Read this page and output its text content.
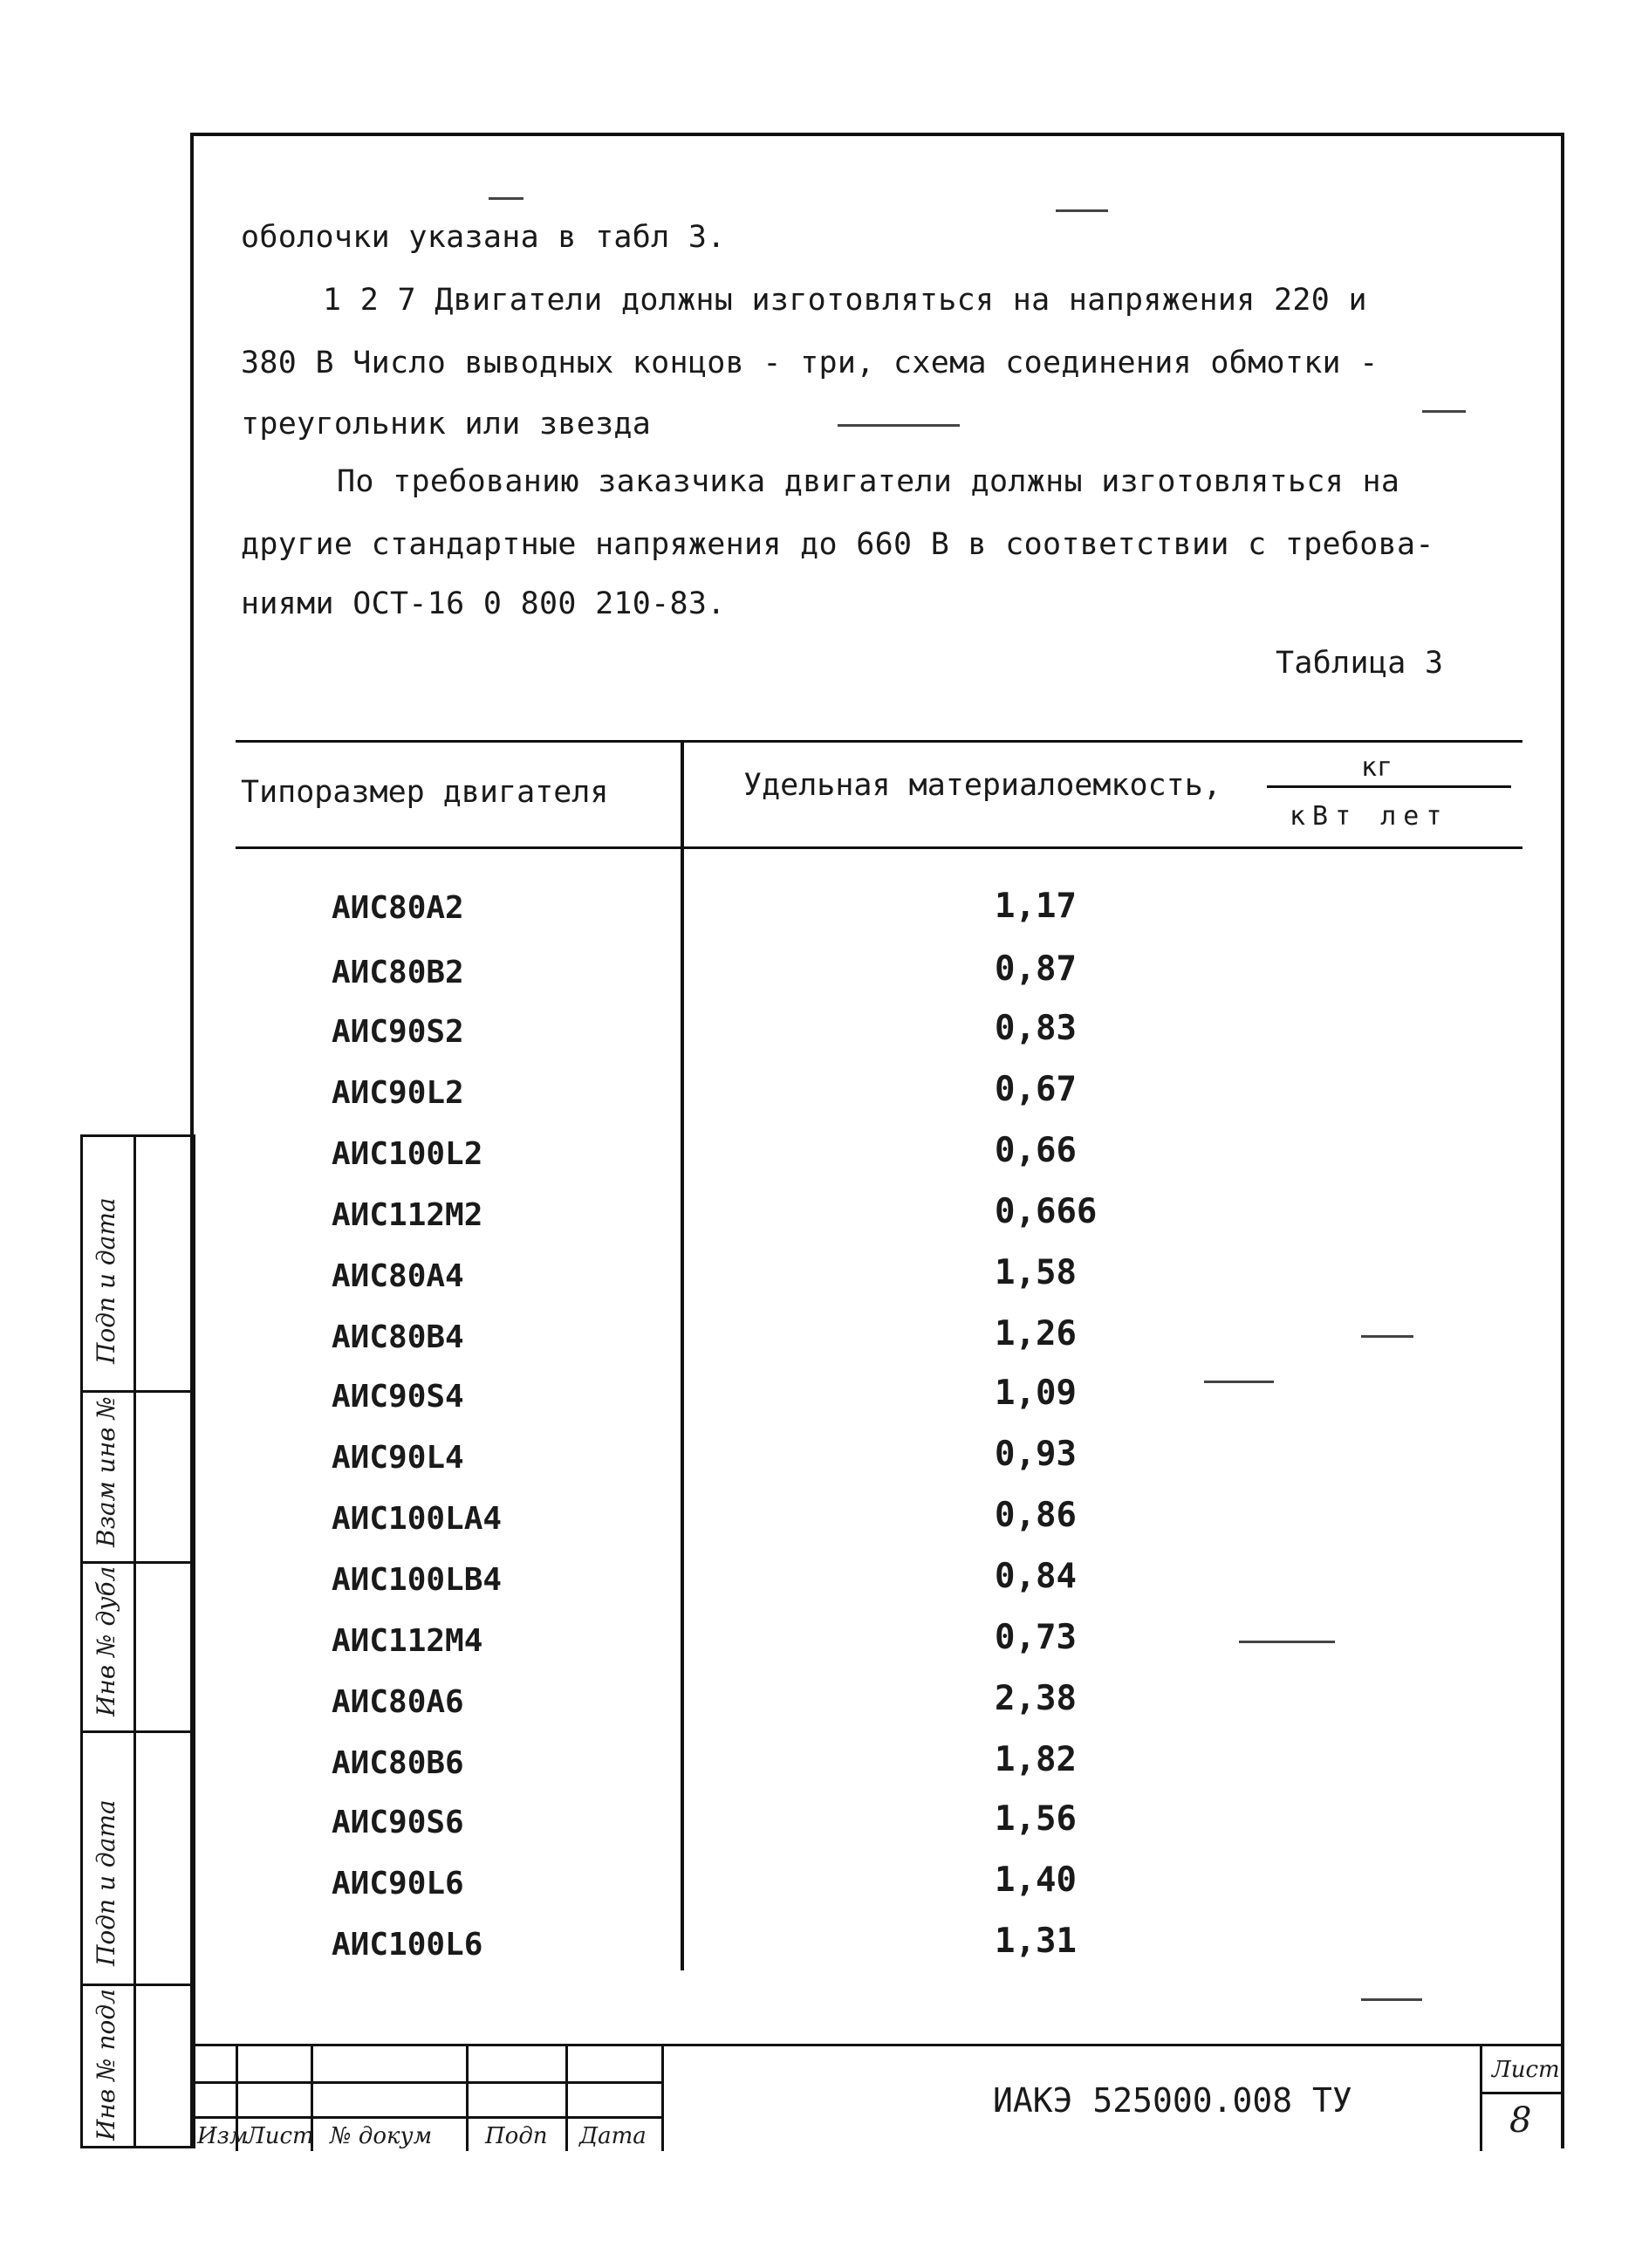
оболочки указана в табл 3.
1 2 7 Двигатели должны изготовляться на напряжения 220 и
380 В Число выводных концов - три, схема соединения обмотки -
треугольник или звезда
По требованию заказчика двигатели должны изготовляться на
другие стандартные напряжения до 660 В в соответствии с требова-
ниями ОСТ-16 0 800 210-83.
Таблица 3
Типоразмер двигателя	Удельная материалоемкость,
кг
кВт лет
АИС80А2	1,17
АИС80В2	0,87
АИС90S2	0,83
АИС90L2	0,67
АИС100L2	0,66
АИС112М2	0,666
АИС80А4	1,58
АИС80В4	1,26
АИС90S4	1,09
АИС90L4	0,93
АИС100LA4	0,86
АИС100LB4	0,84
АИС112М4	0,73
АИС80А6	2,38
АИС80В6	1,82
АИС90S6	1,56
АИС90L6	1,40
АИС100L6	1,31
Подп и дата
Взам инв №
Инв № дубл
Подп и дата
Инв № подл	Изм
Лист № докум Подп Дата
ИАКЭ 525000.008 ТУ
Лист
8
